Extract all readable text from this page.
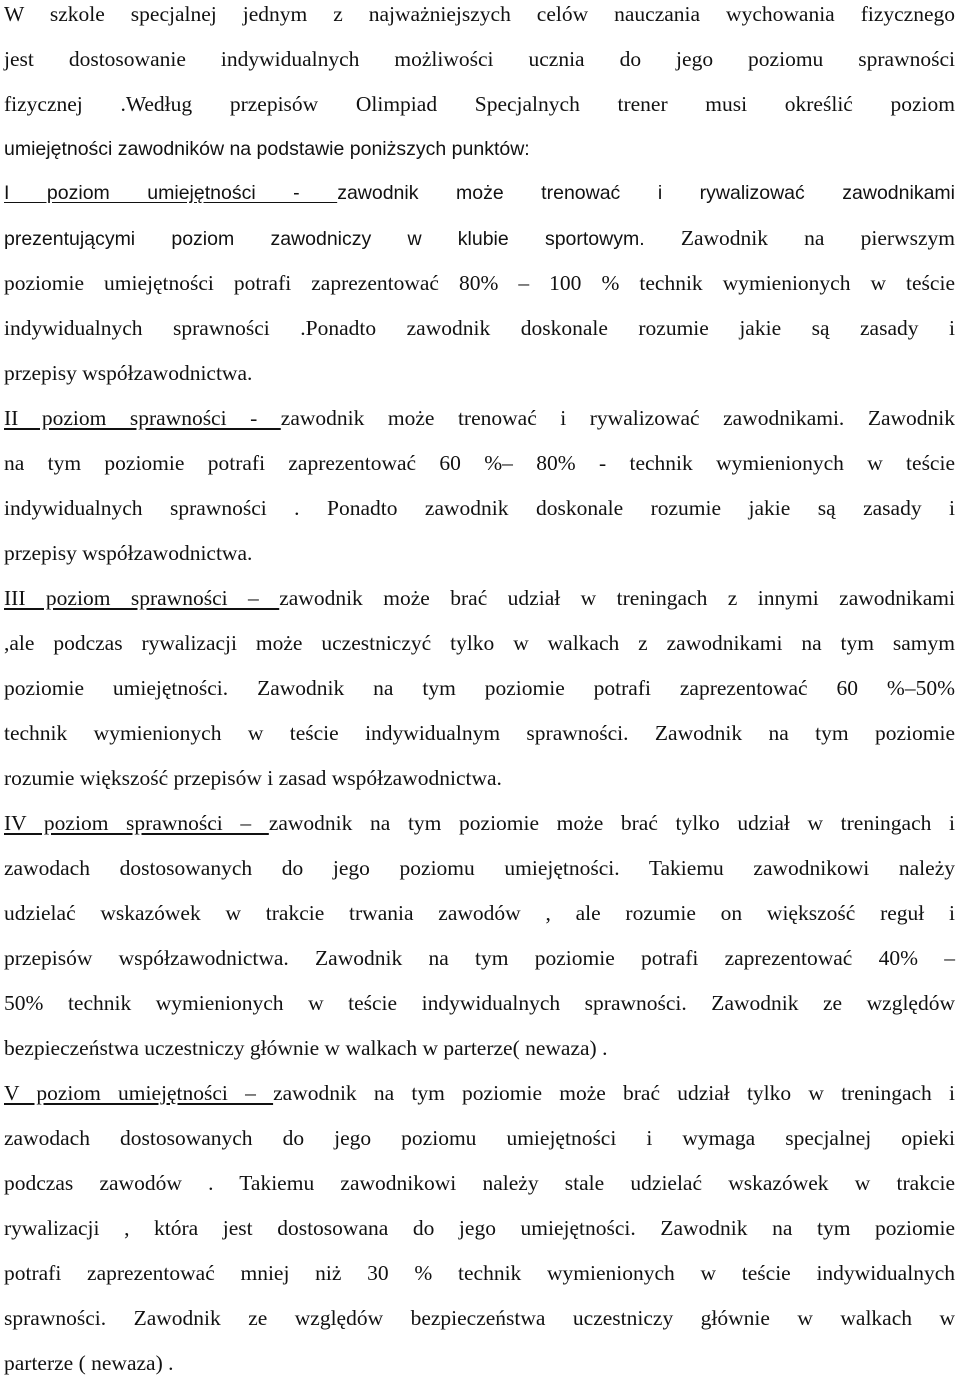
W szkole specjalnej jednym z najważniejszych celów nauczania wychowania fizycznego
jest dostosowanie indywidualnych możliwości ucznia do jego poziomu sprawności
fizycznej .Według przepisów Olimpiad Specjalnych trener musi określić poziom
umiejętności zawodników na podstawie poniższych punktów:
I poziom umiejętności - zawodnik może trenować i rywalizować zawodnikami
prezentującymi poziom zawodniczy w klubie sportowym. Zawodnik na pierwszym
poziomie umiejętności potrafi zaprezentować 80% – 100 % technik wymienionych w teście
indywidualnych sprawności .Ponadto zawodnik doskonale rozumie jakie są zasady i
przepisy współzawodnictwa.
II poziom sprawności - zawodnik może trenować i rywalizować zawodnikami. Zawodnik
na tym poziomie potrafi zaprezentować 60 %– 80% - technik wymienionych w teście
indywidualnych sprawności . Ponadto zawodnik doskonale rozumie jakie są zasady i
przepisy współzawodnictwa.
III poziom sprawności – zawodnik może brać udział w treningach z innymi zawodnikami
,ale podczas rywalizacji może uczestniczyć tylko w walkach z zawodnikami na tym samym
poziomie umiejętności. Zawodnik na tym poziomie potrafi zaprezentować 60 %–50%
technik wymienionych w teście indywidualnym sprawności. Zawodnik na tym poziomie
rozumie większość przepisów i zasad współzawodnictwa.
IV poziom sprawności – zawodnik na tym poziomie może brać tylko udział w treningach i
zawodach dostosowanych do jego poziomu umiejętności. Takiemu zawodnikowi należy
udzielać wskazówek w trakcie trwania zawodów , ale rozumie on większość reguł i
przepisów współzawodnictwa. Zawodnik na tym poziomie potrafi zaprezentować 40% –
50% technik wymienionych w teście indywidualnych sprawności. Zawodnik ze względów
bezpieczeństwa uczestniczy głównie w walkach w parterze( newaza) .
V poziom umiejętności – zawodnik na tym poziomie może brać udział tylko w treningach i
zawodach dostosowanych do jego poziomu umiejętności i wymaga specjalnej opieki
podczas zawodów . Takiemu zawodnikowi należy stale udzielać wskazówek w trakcie
rywalizacji , która jest dostosowana do jego umiejętności. Zawodnik na tym poziomie
potrafi zaprezentować mniej niż 30 % technik wymienionych w teście indywidualnych
sprawności. Zawodnik ze względów bezpieczeństwa uczestniczy głównie w walkach w
parterze ( newaza) .
